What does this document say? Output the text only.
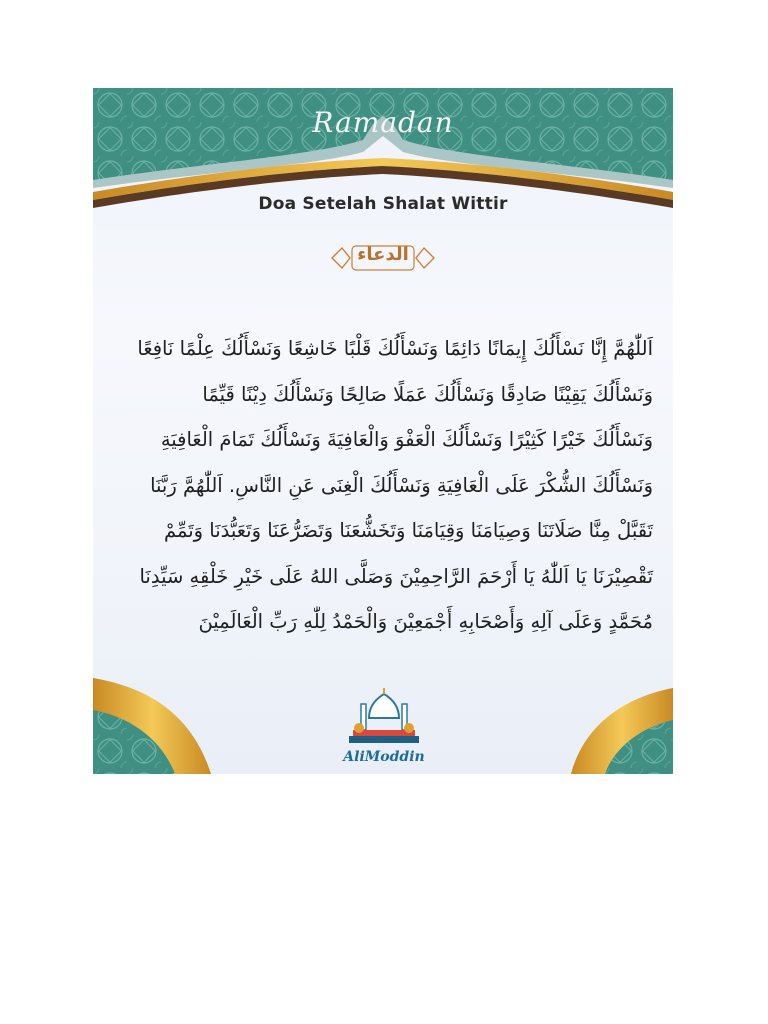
Ramadan
Doa Setelah Shalat Wittir
الدعاء
اَللّٰهُمَّ إِنَّا نَسْأَلُكَ إِيمَانًا دَائِمًا وَنَسْأَلُكَ قَلْبًا خَاشِعًا وَنَسْأَلُكَ عِلْمًا نَافِعًا
وَنَسْأَلُكَ يَقِيْنًا صَادِقًا وَنَسْأَلُكَ عَمَلًا صَالِحًا وَنَسْأَلُكَ دِيْنًا قَيِّمًا
وَنَسْأَلُكَ خَيْرًا كَثِيْرًا وَنَسْأَلُكَ الْعَفْوَ وَالْعَافِيَةَ وَنَسْأَلُكَ تَمَامَ الْعَافِيَةِ
وَنَسْأَلُكَ الشُّكْرَ عَلَى الْعَافِيَةِ وَنَسْأَلُكَ الْغِنَى عَنِ النَّاسِ. اَللّٰهُمَّ رَبَّنَا
تَقَبَّلْ مِنَّا صَلَاتَنَا وَصِيَامَنَا وَقِيَامَنَا وَتَخَشُّعَنَا وَتَضَرُّعَنَا وَتَعَبُّدَنَا وَتَمِّمْ
تَقْصِيْرَنَا يَا اَللّٰهُ يَا أَرْحَمَ الرَّاحِمِيْنَ وَصَلَّى اللهُ عَلَى خَيْرِ خَلْقِهِ سَيِّدِنَا
مُحَمَّدٍ وَعَلَى آلِهِ وَأَصْحَابِهِ أَجْمَعِيْنَ وَالْحَمْدُ لِلّٰهِ رَبِّ الْعَالَمِيْنَ
AliModdin
